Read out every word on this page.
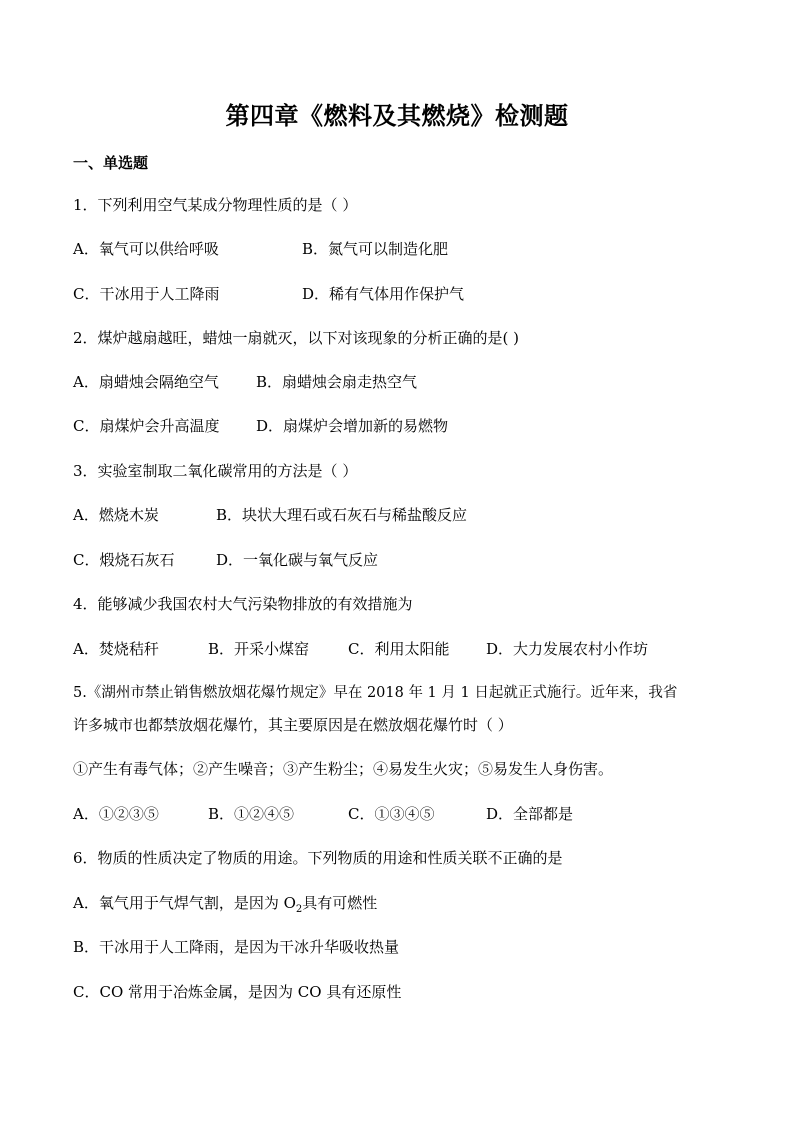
第四章《燃料及其燃烧》检测题
一、单选题
1．下列利用空气某成分物理性质的是（ ）
A．氧气可以供给呼吸	B．氮气可以制造化肥
C．干冰用于人工降雨	D．稀有气体用作保护气
2．煤炉越扇越旺，蜡烛一扇就灭，以下对该现象的分析正确的是( )
A．扇蜡烛会隔绝空气 B．扇蜡烛会扇走热空气
C．扇煤炉会升高温度 D．扇煤炉会增加新的易燃物
3．实验室制取二氧化碳常用的方法是（ ）
A．燃烧木炭	B．块状大理石或石灰石与稀盐酸反应
C．煅烧石灰石	D．一氧化碳与氧气反应
4．能够减少我国农村大气污染物排放的有效措施为
A．焚烧秸秆	B．开采小煤窑	C．利用太阳能 D．大力发展农村小作坊
5.《湖州市禁止销售燃放烟花爆竹规定》早在 2018 年 1 月 1 日起就正式施行。近年来，我省
许多城市也都禁放烟花爆竹，其主要原因是在燃放烟花爆竹时（ ）
①产生有毒气体；②产生噪音；③产生粉尘；④易发生火灾；⑤易发生人身伤害。
A．①②③⑤	B．①②④⑤	C．①③④⑤	D．全部都是
6．物质的性质决定了物质的用途。下列物质的用途和性质关联不正确的是
A．氧气用于气焊气割，是因为 $O_2$具有可燃性
B．干冰用于人工降雨，是因为干冰升华吸收热量
C．CO 常用于冶炼金属，是因为 CO 具有还原性
